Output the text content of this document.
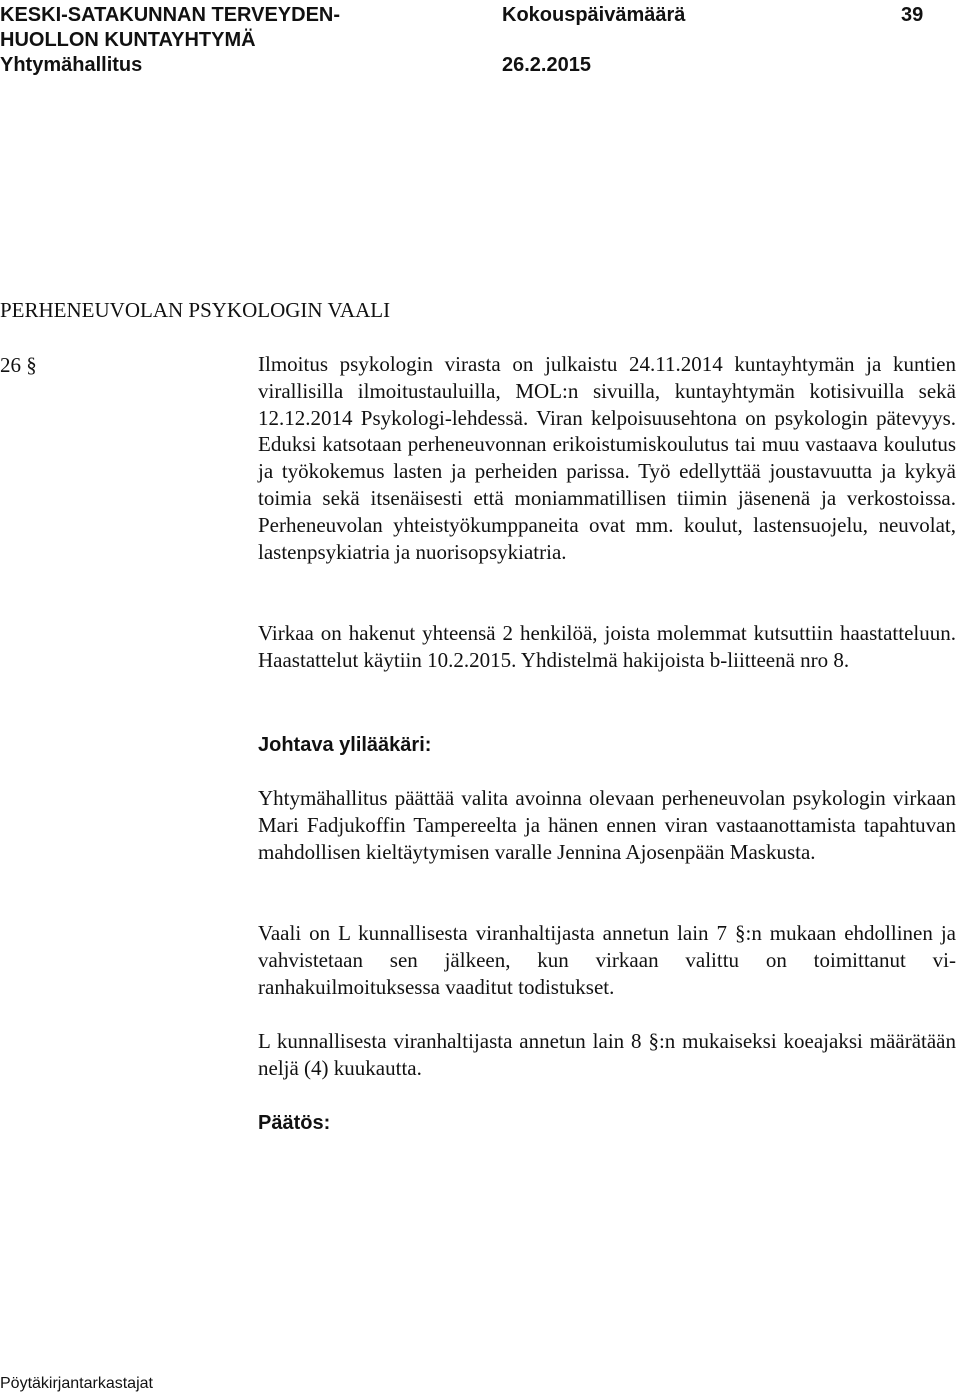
KESKI-SATAKUNNAN TERVEYDEN-
HUOLLON KUNTAYHTYMÄ
Yhtymähallitus
Kokouspäivämäärä
26.2.2015
39
PERHENEUVOLAN PSYKOLOGIN VAALI
26 §	Ilmoitus psykologin virasta on julkaistu 24.11.2014 kuntayhtymän ja kuntien virallisilla ilmoitustauluilla, MOL:n sivuilla, kuntayhtymän kotisivuilla sekä 12.12.2014 Psykologi-lehdessä. Viran kelpoisuusehtona on psykologin pätevyys. Eduksi katsotaan perheneuvonnan erikoistumiskoulutus tai muu vastaava koulutus ja työkokemus lasten ja perheiden parissa. Työ edellyttää joustavuutta ja kykyä toimia sekä itsenäisesti että moniammatillisen tiimin jäsenenä ja verkostoissa. Perheneuvolan yhteistyökumppaneita ovat mm. koulut, lastensuojelu, neuvolat, lastenpsykiatria ja nuorisopsykiatria.

Virkaa on hakenut yhteensä 2 henkilöä, joista molemmat kutsuttiin haastatteluun. Haastattelut käytiin 10.2.2015. Yhdistelmä hakijoista b-liitteenä nro 8.

Johtava ylilääkäri:

Yhtymähallitus päättää valita avoinna olevaan perheneuvolan psykologin virkaan Mari Fadjukoffin Tampereelta ja hänen ennen viran vastaanottamista tapahtuvan mahdollisen kieltäytymisen varalle Jennina Ajosenpään Maskusta.

Vaali on L kunnallisesta viranhaltijasta annetun lain 7 §:n mukaan ehdollinen ja vahvistetaan sen jälkeen, kun virkaan valittu on toimittanut viranhakuilmoituksessa vaaditut todistukset.

L kunnallisesta viranhaltijasta annetun lain 8 §:n mukaiseksi koeajaksi määrätään neljä (4) kuukautta.

Päätös:
Pöytäkirjantarkastajat
